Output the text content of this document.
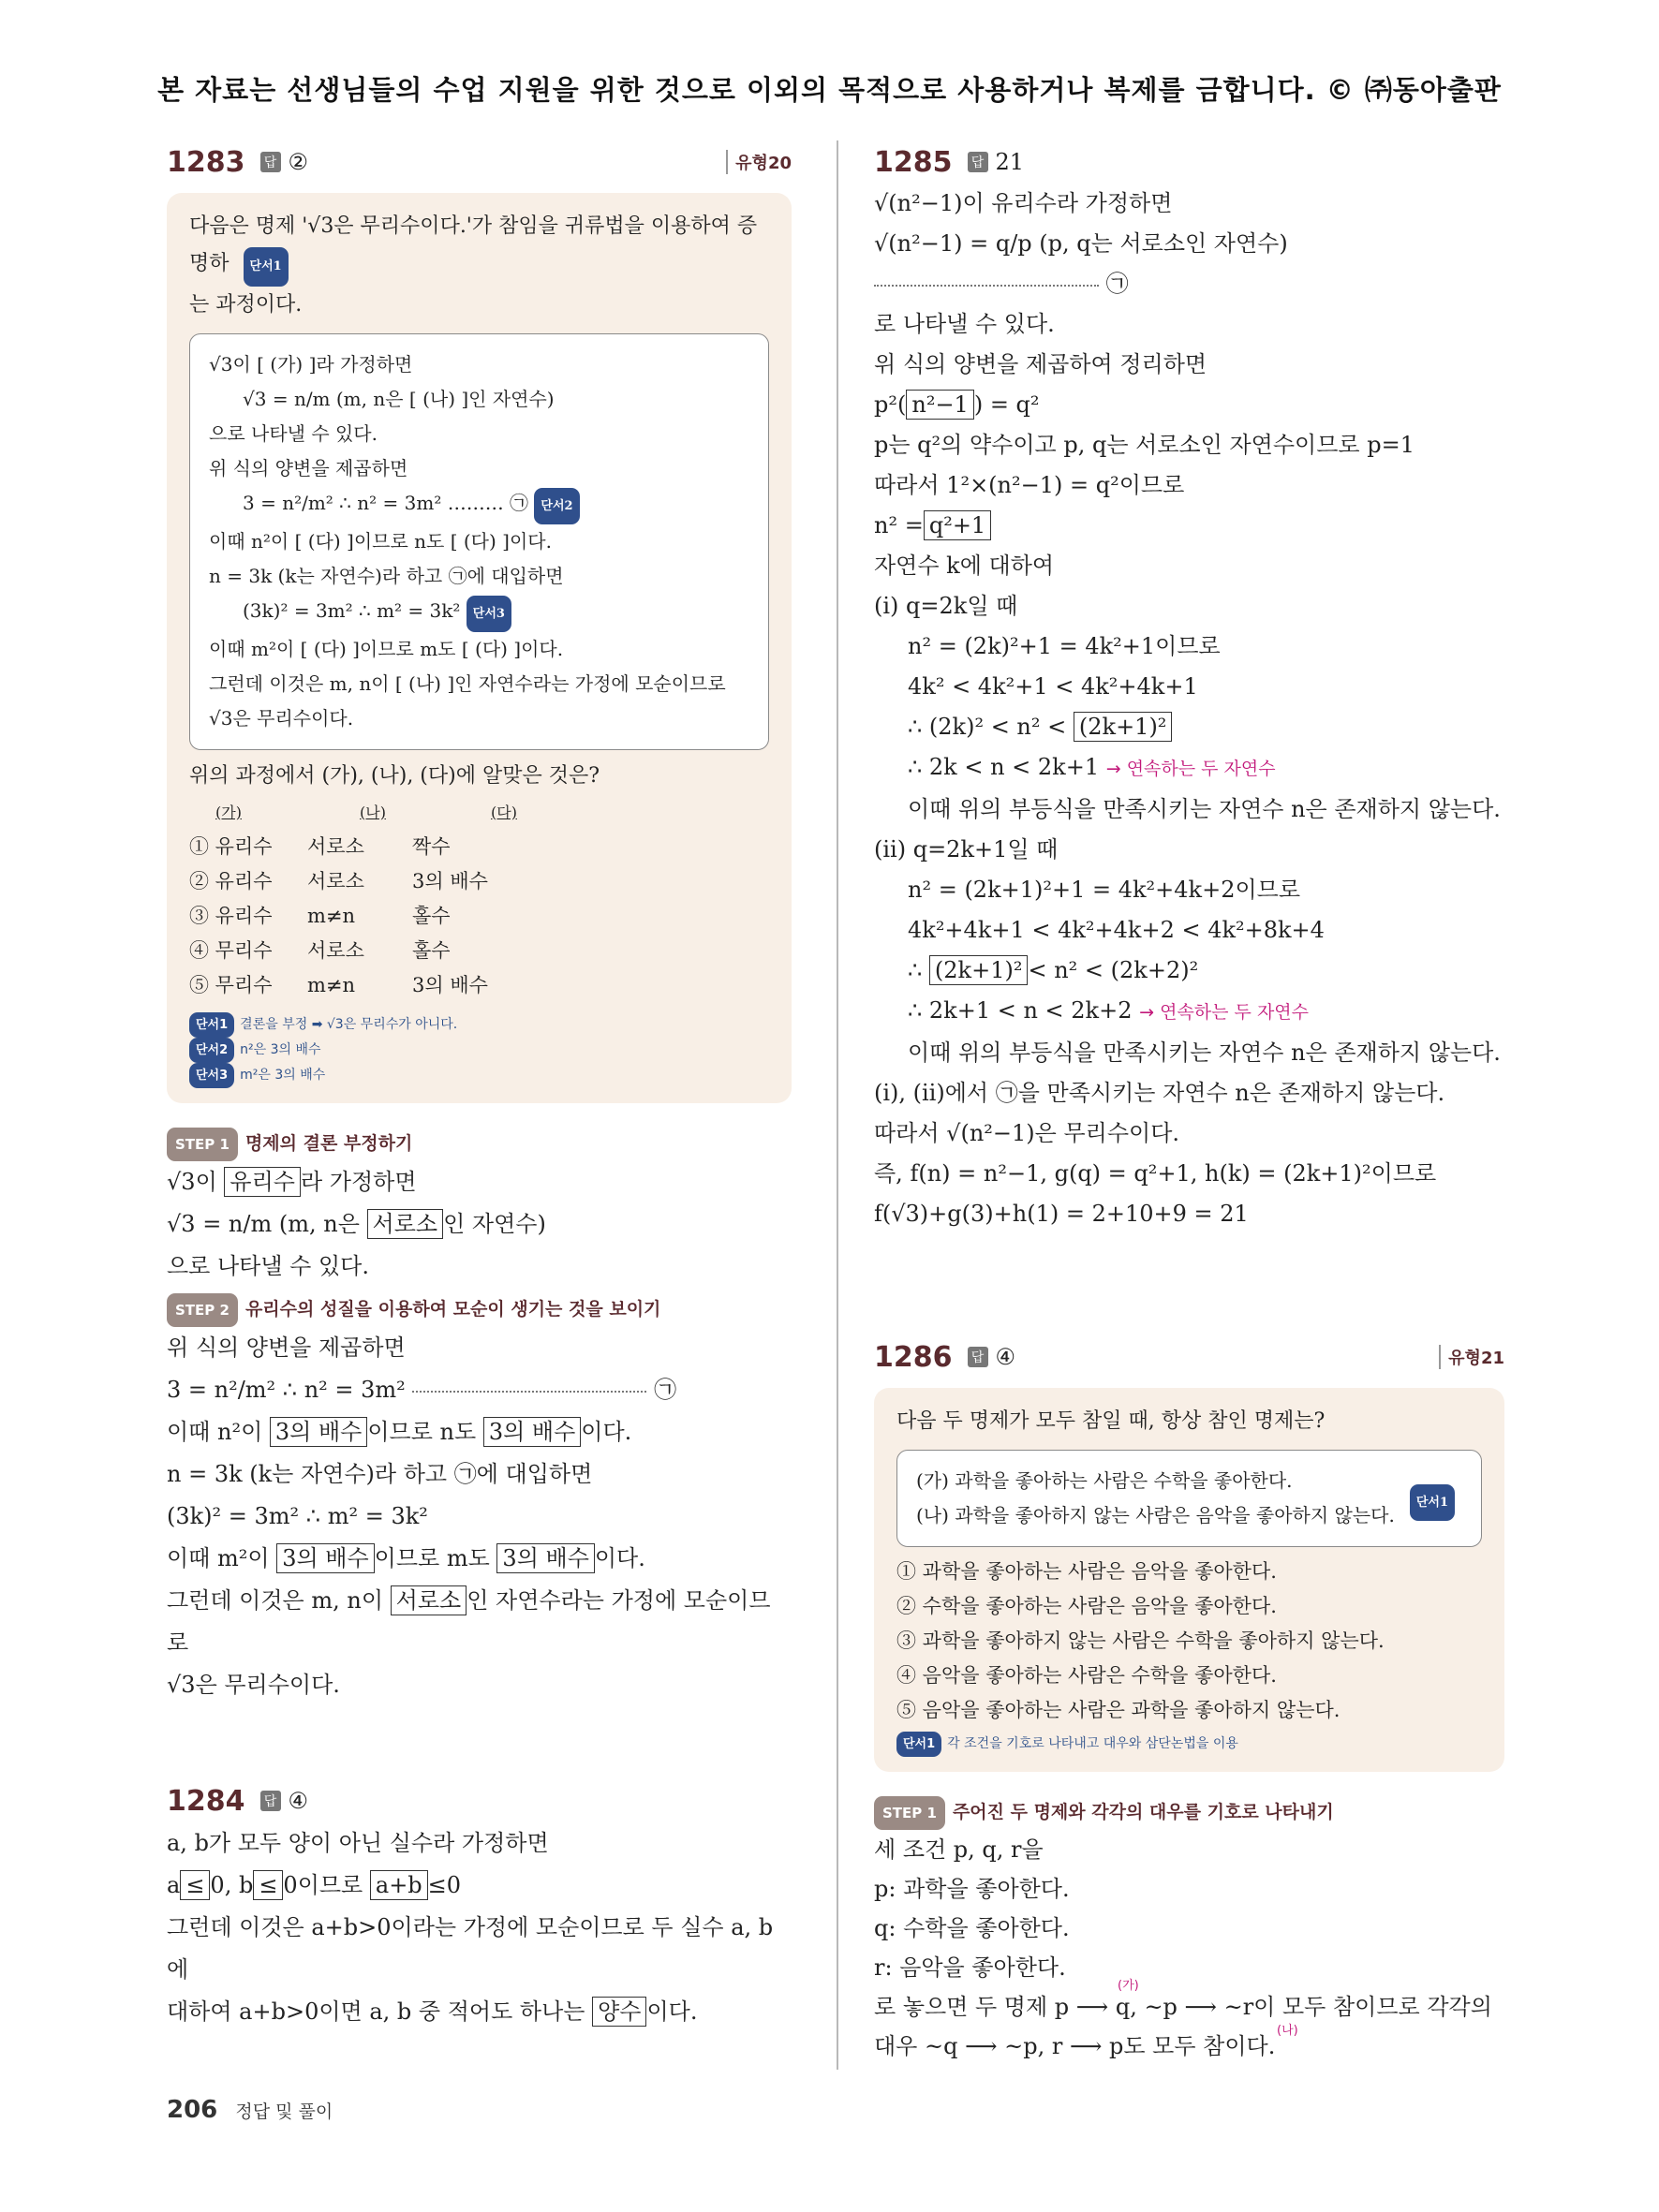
본 자료는 선생님들의 수업 지원을 위한 것으로 이외의 목적으로 사용하거나 복제를 금합니다. © ㈜동아출판
1283	답 ②	유형20
다음은 명제 '√3은 무리수이다.'가 참임을 귀류법을 이용하여 증명하 단서1
는 과정이다.
√3이 [ (가) ]라 가정하면
√3 = n/m (m, n은 [ (나) ]인 자연수)
으로 나타낼 수 있다.
위 식의 양변을 제곱하면
3 = n²/m² ∴ n² = 3m² ……… ㉠ 단서2
이때 n²이 [ (다) ]이므로 n도 [ (다) ]이다.
n = 3k (k는 자연수)라 하고 ㉠에 대입하면
(3k)² = 3m² ∴ m² = 3k² 단서3
이때 m²이 [ (다) ]이므로 m도 [ (다) ]이다.
그런데 이것은 m, n이 [ (나) ]인 자연수라는 가정에 모순이므로
√3은 무리수이다.
위의 과정에서 (가), (나), (다)에 알맞은 것은?
(가)	(나)	(다)
① 유리수	서로소	짝수
② 유리수	서로소	3의 배수
③ 유리수	m≠n	홀수
④ 무리수	서로소	홀수
⑤ 무리수	m≠n	3의 배수
단서1 결론을 부정 ➡ √3은 무리수가 아니다.
단서2 n²은 3의 배수
단서3 m²은 3의 배수
STEP 1 명제의 결론 부정하기
√3이 유리수 라 가정하면
√3 = n/m (m, n은 서로소 인 자연수)
으로 나타낼 수 있다.
STEP 2 유리수의 성질을 이용하여 모순이 생기는 것을 보이기
위 식의 양변을 제곱하면
3 = n²/m² ∴ n² = 3m²	㉠
이때 n²이 3의 배수 이므로 n도 3의 배수 이다.
n = 3k (k는 자연수)라 하고 ㉠에 대입하면
(3k)² = 3m² ∴ m² = 3k²
이때 m²이 3의 배수 이므로 m도 3의 배수 이다.
그런데 이것은 m, n이 서로소 인 자연수라는 가정에 모순이므로
√3은 무리수이다.
1284	답 ④
a, b가 모두 양이 아닌 실수라 가정하면
a ≤ 0, b ≤ 0이므로 a+b ≤0
그런데 이것은 a+b>0이라는 가정에 모순이므로 두 실수 a, b에
대하여 a+b>0이면 a, b 중 적어도 하나는 양수 이다.
1285	답 21
√(n²−1)이 유리수라 가정하면
√(n²−1) = q/p (p, q는 서로소인 자연수)  ㉠
로 나타낼 수 있다.
위 식의 양변을 제곱하여 정리하면
p²( n²−1 ) = q²
p는 q²의 약수이고 p, q는 서로소인 자연수이므로 p=1
따라서 1²×(n²−1) = q²이므로
n² = q²+1
자연수 k에 대하여
(ⅰ) q=2k일 때
n² = (2k)²+1 = 4k²+1이므로
4k² < 4k²+1 < 4k²+4k+1
∴ (2k)² < n² < (2k+1)²
∴ 2k < n < 2k+1 → 연속하는 두 자연수
이때 위의 부등식을 만족시키는 자연수 n은 존재하지 않는다.
(ⅱ) q=2k+1일 때
n² = (2k+1)²+1 = 4k²+4k+2이므로
4k²+4k+1 < 4k²+4k+2 < 4k²+8k+4
∴ (2k+1)² < n² < (2k+2)²
∴ 2k+1 < n < 2k+2 → 연속하는 두 자연수
이때 위의 부등식을 만족시키는 자연수 n은 존재하지 않는다.
(ⅰ), (ⅱ)에서 ㉠을 만족시키는 자연수 n은 존재하지 않는다.
따라서 √(n²−1)은 무리수이다.
즉, f(n) = n²−1, g(q) = q²+1, h(k) = (2k+1)²이므로
f(√3)+g(3)+h(1) = 2+10+9 = 21
1286	답 ④	유형21
다음 두 명제가 모두 참일 때, 항상 참인 명제는?
(가) 과학을 좋아하는 사람은 수학을 좋아한다.
(나) 과학을 좋아하지 않는 사람은 음악을 좋아하지 않는다.
단서1
① 과학을 좋아하는 사람은 음악을 좋아한다.
② 수학을 좋아하는 사람은 음악을 좋아한다.
③ 과학을 좋아하지 않는 사람은 수학을 좋아하지 않는다.
④ 음악을 좋아하는 사람은 수학을 좋아한다.
⑤ 음악을 좋아하는 사람은 과학을 좋아하지 않는다.
단서1 각 조건을 기호로 나타내고 대우와 삼단논법을 이용
STEP 1 주어진 두 명제와 각각의 대우를 기호로 나타내기
세 조건 p, q, r을
p: 과학을 좋아한다.
q: 수학을 좋아한다.
r: 음악을 좋아한다.
로 놓으면 두 명제 p ⟶ q, ~p ⟶ ~r이 모두 참이므로 각각의
(가)
(나)
대우 ~q ⟶ ~p, r ⟶ p도 모두 참이다.
206 정답 및 풀이
